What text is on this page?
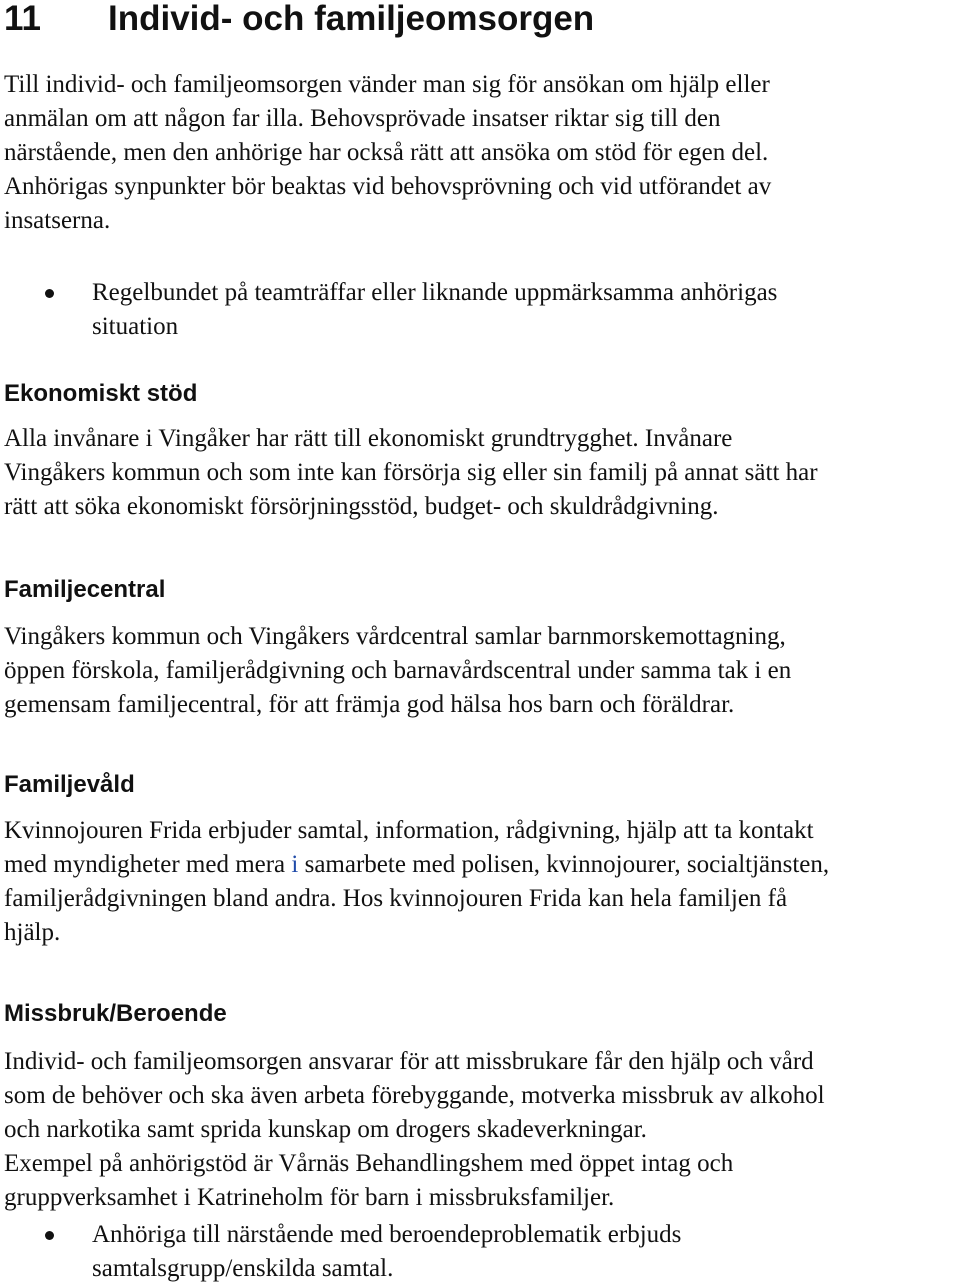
11 Individ- och familjeomsorgen

Till individ- och familjeomsorgen vänder man sig för ansökan om hjälp eller
anmälan om att någon far illa. Behovsprövade insatser riktar sig till den
närstående, men den anhörige har också rätt att ansöka om stöd för egen del.
Anhörigas synpunkter bör beaktas vid behovsprövning och vid utförandet av
insatserna.

Regelbundet på teamträffar eller liknande uppmärksamma anhörigas
situation

Ekonomiskt stöd

Alla invånare i Vingåker har rätt till ekonomiskt grundtrygghet. Invånare
Vingåkers kommun och som inte kan försörja sig eller sin familj på annat sätt har
rätt att söka ekonomiskt försörjningsstöd, budget- och skuldrådgivning.

Familjecentral

Vingåkers kommun och Vingåkers vårdcentral samlar barnmorskemottagning,
öppen förskola, familjerådgivning och barnavårdscentral under samma tak i en
gemensam familjecentral, för att främja god hälsa hos barn och föräldrar.

Familjevåld

Kvinnojouren Frida erbjuder samtal, information, rådgivning, hjälp att ta kontakt
med myndigheter med mera i samarbete med polisen, kvinnojourer, socialtjänsten,
familjerådgivningen bland andra. Hos kvinnojouren Frida kan hela familjen få
hjälp.

Missbruk/Beroende

Individ- och familjeomsorgen ansvarar för att missbrukare får den hjälp och vård
som de behöver och ska även arbeta förebyggande, motverka missbruk av alkohol
och narkotika samt sprida kunskap om drogers skadeverkningar.
Exempel på anhörigstöd är Vårnäs Behandlingshem med öppet intag och
gruppverksamhet i Katrineholm för barn i missbruksfamiljer.

Anhöriga till närstående med beroendeproblematik erbjuds
samtalsgrupp/enskilda samtal.
